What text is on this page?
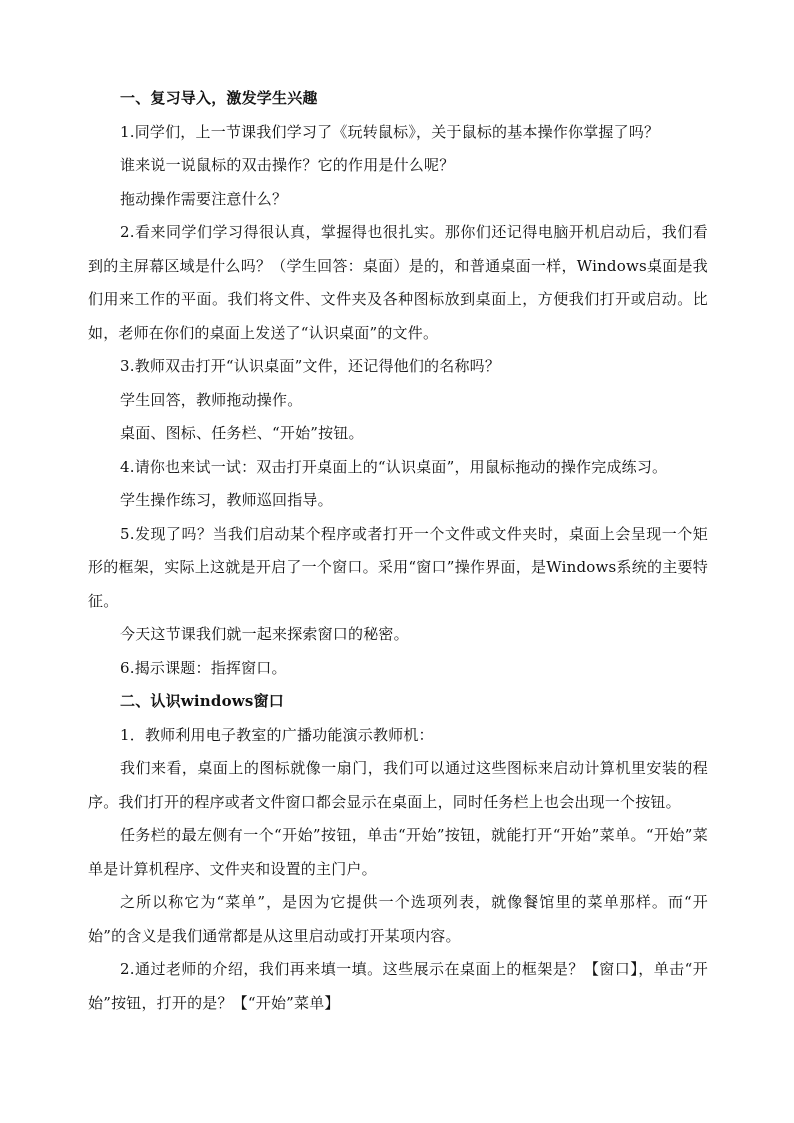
一、复习导入，激发学生兴趣

1.同学们，上一节课我们学习了《玩转鼠标》，关于鼠标的基本操作你掌握了吗？

谁来说一说鼠标的双击操作？它的作用是什么呢？

拖动操作需要注意什么？

2.看来同学们学习得很认真，掌握得也很扎实。那你们还记得电脑开机启动后，我们看到的主屏幕区域是什么吗？（学生回答：桌面）是的，和普通桌面一样，Windows桌面是我们用来工作的平面。我们将文件、文件夹及各种图标放到桌面上，方便我们打开或启动。比如，老师在你们的桌面上发送了“认识桌面”的文件。

3.教师双击打开“认识桌面”文件，还记得他们的名称吗？

学生回答，教师拖动操作。

桌面、图标、任务栏、“开始”按钮。

4.请你也来试一试：双击打开桌面上的“认识桌面”，用鼠标拖动的操作完成练习。

学生操作练习，教师巡回指导。

5.发现了吗？当我们启动某个程序或者打开一个文件或文件夹时，桌面上会呈现一个矩形的框架，实际上这就是开启了一个窗口。采用“窗口”操作界面，是Windows系统的主要特征。

今天这节课我们就一起来探索窗口的秘密。

6.揭示课题：指挥窗口。

二、认识windows窗口

1．教师利用电子教室的广播功能演示教师机：

我们来看，桌面上的图标就像一扇门，我们可以通过这些图标来启动计算机里安装的程序。我们打开的程序或者文件窗口都会显示在桌面上，同时任务栏上也会出现一个按钮。

任务栏的最左侧有一个“开始”按钮，单击“开始”按钮，就能打开“开始”菜单。“开始”菜单是计算机程序、文件夹和设置的主门户。

之所以称它为“菜单”，是因为它提供一个选项列表，就像餐馆里的菜单那样。而“开始”的含义是我们通常都是从这里启动或打开某项内容。

2.通过老师的介绍，我们再来填一填。这些展示在桌面上的框架是？【窗口】，单击“开始”按钮，打开的是？【“开始”菜单】
